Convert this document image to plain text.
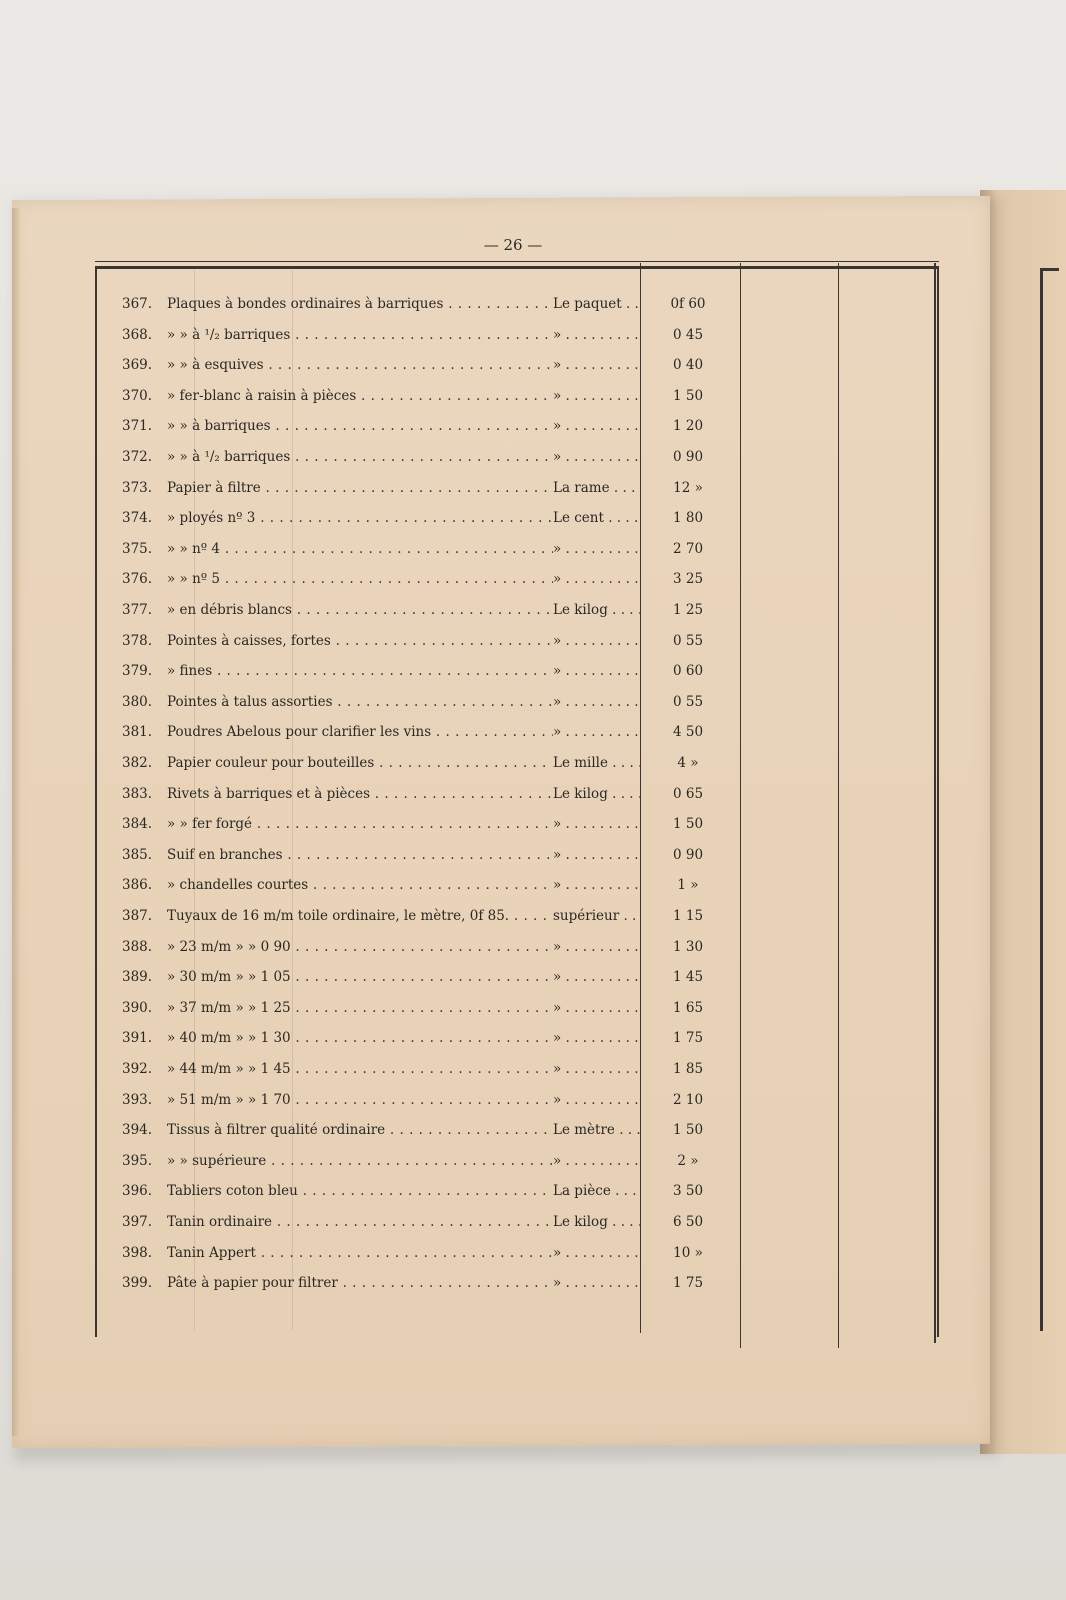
— 26 —
367.	Plaques à bondes ordinaires à barriques . . .	Le paquet . . .	0f 60
368.	» » à ¹/₂ barriques . . .	» . . .	0 45
369.	» » à esquives . . .	» . . .	0 40
370.	» fer-blanc à raisin à pièces . . .	» . . .	1 50
371.	» » à barriques . . .	» . . .	1 20
372.	» » à ¹/₂ barriques . . .	» . . .	0 90
373.	Papier à filtre . . .	La rame . . .	12 »
374.	» ployés nº 3 . . .	Le cent . . .	1 80
375.	» » nº 4 . . .	» . . .	2 70
376.	» » nº 5 . . .	» . . .	3 25
377.	» en débris blancs . . .	Le kilog . . .	1 25
378.	Pointes à caisses, fortes . . .	» . . .	0 55
379.	» fines . . .	» . . .	0 60
380.	Pointes à talus assorties . . .	» . . .	0 55
381.	Poudres Abelous pour clarifier les vins . . .	» . . .	4 50
382.	Papier couleur pour bouteilles . . .	Le mille . . .	4 »
383.	Rivets à barriques et à pièces . . .	Le kilog . . .	0 65
384.	» » fer forgé . . .	» . . .	1 50
385.	Suif en branches . . .	» . . .	0 90
386.	» chandelles courtes . . .	» . . .	1 »
387.	Tuyaux de 16 m/m toile ordinaire, le mètre, 0f 85. . . .	supérieur . . .	1 15
388.	» 23 m/m » » 0 90 . . .	» . . .	1 30
389.	» 30 m/m » » 1 05 . . .	» . . .	1 45
390.	» 37 m/m » » 1 25 . . .	» . . .	1 65
391.	» 40 m/m » » 1 30 . . .	» . . .	1 75
392.	» 44 m/m » » 1 45 . . .	» . . .	1 85
393.	» 51 m/m » » 1 70 . . .	» . . .	2 10
394.	Tissus à filtrer qualité ordinaire . . .	Le mètre . . .	1 50
395.	» » supérieure . . .	» . . .	2 »
396.	Tabliers coton bleu . . .	La pièce . . .	3 50
397.	Tanin ordinaire . . .	Le kilog . . .	6 50
398.	Tanin Appert . . .	» . . .	10 »
399.	Pâte à papier pour filtrer . . .	» . . .	1 75
